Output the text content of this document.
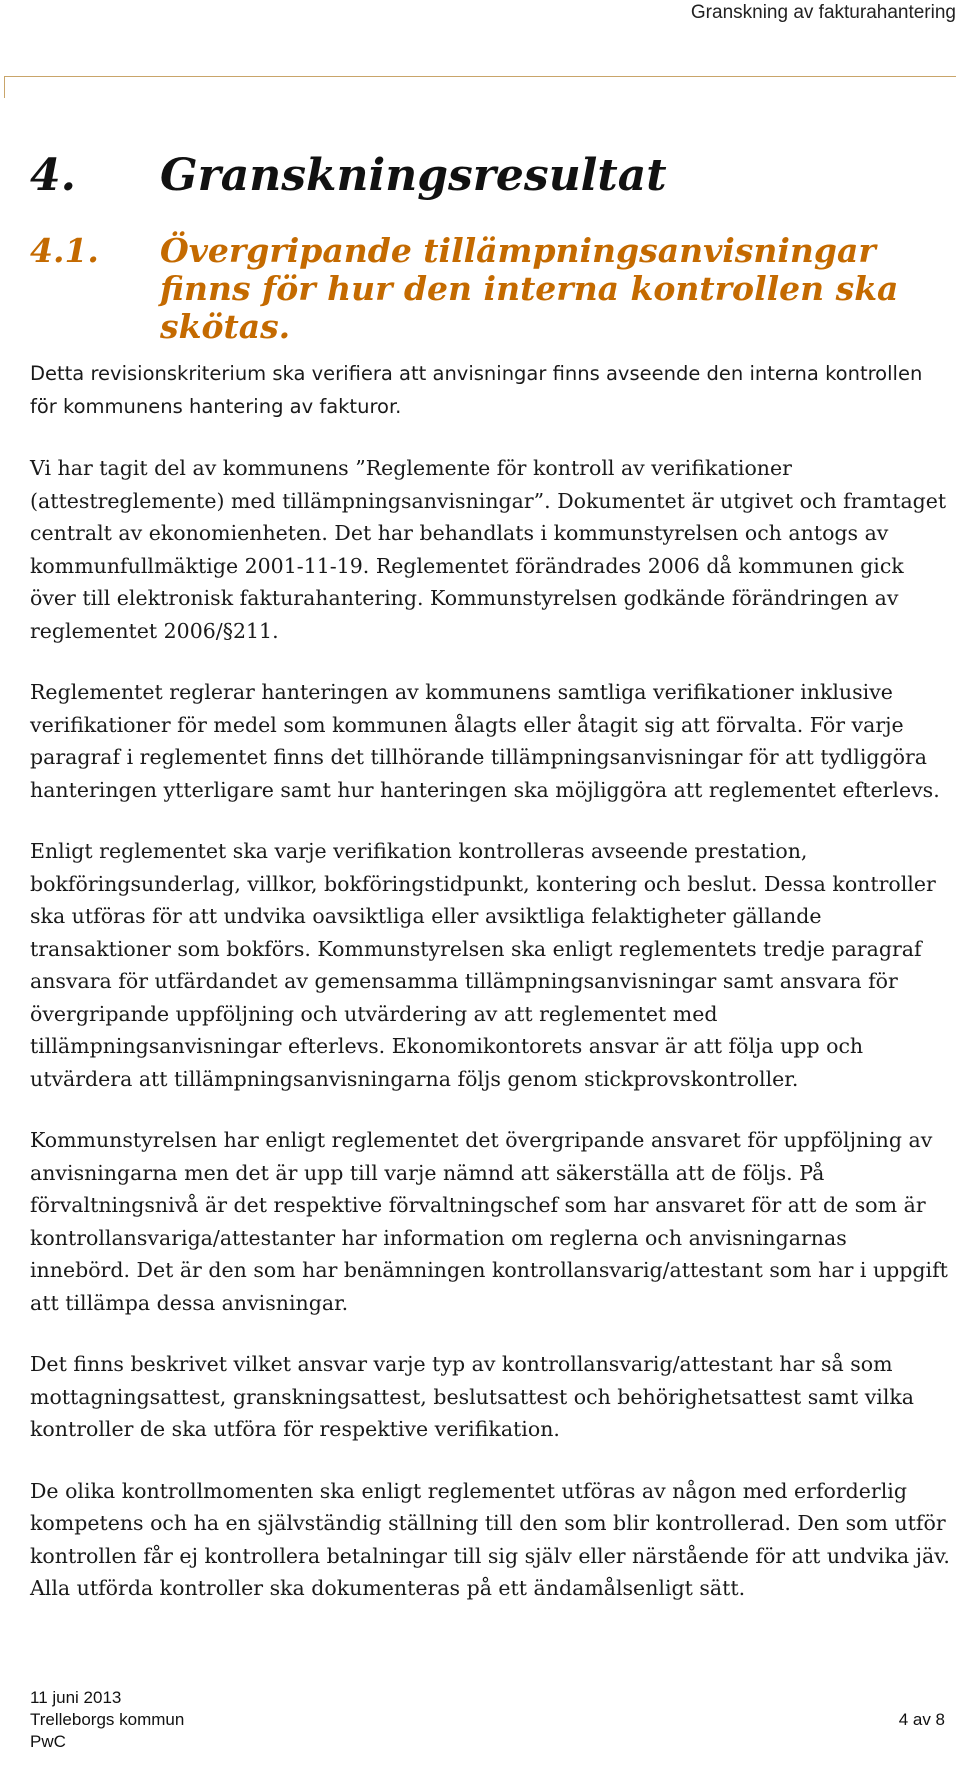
Granskning av fakturahantering
4. Granskningsresultat
4.1. Övergripande tillämpningsanvisningar finns för hur den interna kontrollen ska skötas.

Detta revisionskriterium ska verifiera att anvisningar finns avseende den interna kontrollen för kommunens hantering av fakturor.

Vi har tagit del av kommunens ”Reglemente för kontroll av verifikationer (attestreglemente) med tillämpningsanvisningar”. Dokumentet är utgivet och framtaget centralt av ekonomienheten. Det har behandlats i kommunstyrelsen och antogs av kommunfullmäktige 2001-11-19. Reglementet förändrades 2006 då kommunen gick över till elektronisk fakturahantering. Kommunstyrelsen godkände förändringen av reglementet 2006/§211.

Reglementet reglerar hanteringen av kommunens samtliga verifikationer inklusive verifikationer för medel som kommunen ålagts eller åtagit sig att förvalta. För varje paragraf i reglementet finns det tillhörande tillämpningsanvisningar för att tydliggöra hanteringen ytterligare samt hur hanteringen ska möjliggöra att reglementet efterlevs.

Enligt reglementet ska varje verifikation kontrolleras avseende prestation, bokföringsunderlag, villkor, bokföringstidpunkt, kontering och beslut. Dessa kontroller ska utföras för att undvika oavsiktliga eller avsiktliga felaktigheter gällande transaktioner som bokförs. Kommunstyrelsen ska enligt reglementets tredje paragraf ansvara för utfärdandet av gemensamma tillämpningsanvisningar samt ansvara för övergripande uppföljning och utvärdering av att reglementet med tillämpningsanvisningar efterlevs. Ekonomikontorets ansvar är att följa upp och utvärdera att tillämpningsanvisningarna följs genom stickprovskontroller.

Kommunstyrelsen har enligt reglementet det övergripande ansvaret för uppföljning av anvisningarna men det är upp till varje nämnd att säkerställa att de följs. På förvaltningsnivå är det respektive förvaltningschef som har ansvaret för att de som är kontrollansvariga/attestanter har information om reglerna och anvisningarnas innebörd. Det är den som har benämningen kontrollansvarig/attestant som har i uppgift att tillämpa dessa anvisningar.

Det finns beskrivet vilket ansvar varje typ av kontrollansvarig/attestant har så som mottagningsattest, granskningsattest, beslutsattest och behörighetsattest samt vilka kontroller de ska utföra för respektive verifikation.

De olika kontrollmomenten ska enligt reglementet utföras av någon med erforderlig kompetens och ha en självständig ställning till den som blir kontrollerad. Den som utför kontrollen får ej kontrollera betalningar till sig själv eller närstående för att undvika jäv. Alla utförda kontroller ska dokumenteras på ett ändamålsenligt sätt.

11 juni 2013
Trelleborgs kommun
PwC
4 av 8
